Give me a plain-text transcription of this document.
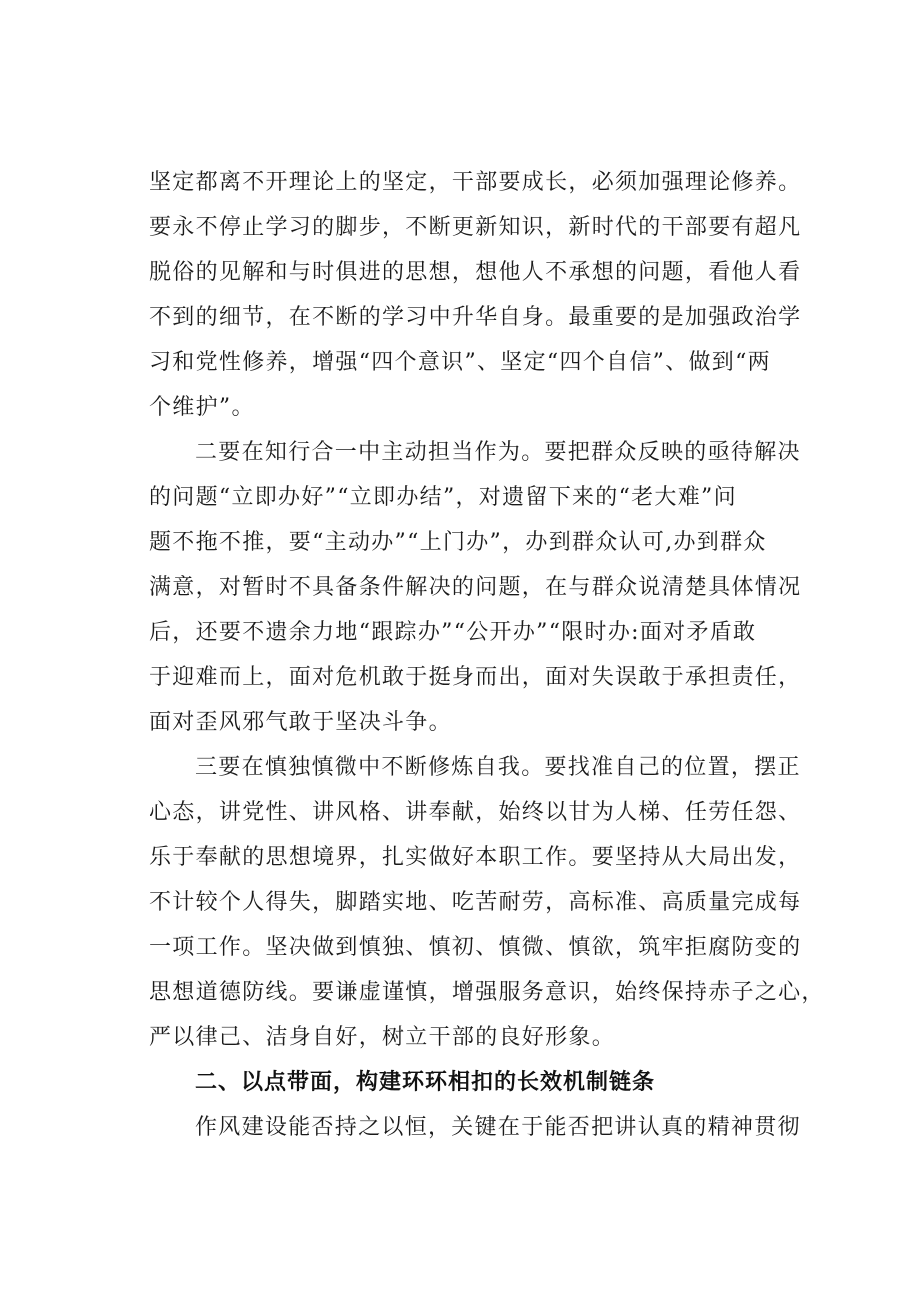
坚定都离不开理论上的坚定，干部要成长，必须加强理论修养。
要永不停止学习的脚步，不断更新知识，新时代的干部要有超凡
脱俗的见解和与时俱进的思想，想他人不承想的问题，看他人看
不到的细节，在不断的学习中升华自身。最重要的是加强政治学
习和党性修养，增强“四个意识”、坚定“四个自信”、做到“两
个维护”。
二要在知行合一中主动担当作为。要把群众反映的亟待解决
的问题“立即办好”“立即办结”，对遗留下来的“老大难”问
题不拖不推，要“主动办”“上门办”，办到群众认可,办到群众
满意，对暂时不具备条件解决的问题，在与群众说清楚具体情况
后，还要不遗余力地“跟踪办”“公开办”“限时办:面对矛盾敢
于迎难而上，面对危机敢于挺身而出，面对失误敢于承担责任，
面对歪风邪气敢于坚决斗争。
三要在慎独慎微中不断修炼自我。要找准自己的位置，摆正
心态，讲党性、讲风格、讲奉献，始终以甘为人梯、任劳任怨、
乐于奉献的思想境界，扎实做好本职工作。要坚持从大局出发，
不计较个人得失，脚踏实地、吃苦耐劳，高标准、高质量完成每
一项工作。坚决做到慎独、慎初、慎微、慎欲，筑牢拒腐防变的
思想道德防线。要谦虚谨慎，增强服务意识，始终保持赤子之心，
严以律己、洁身自好，树立干部的良好形象。
二、以点带面，构建环环相扣的长效机制链条
作风建设能否持之以恒，关键在于能否把讲认真的精神贯彻
